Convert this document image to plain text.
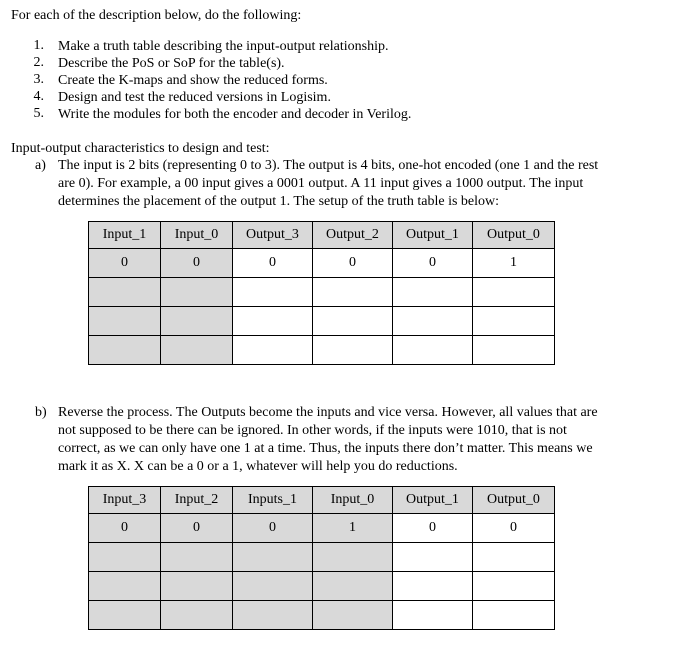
For each of the description below, do the following:
1. Make a truth table describing the input-output relationship.
2. Describe the PoS or SoP for the table(s).
3. Create the K-maps and show the reduced forms.
4. Design and test the reduced versions in Logisim.
5. Write the modules for both the encoder and decoder in Verilog.
Input-output characteristics to design and test:
a) The input is 2 bits (representing 0 to 3). The output is 4 bits, one-hot encoded (one 1 and the rest
are 0). For example, a 00 input gives a 0001 output. A 11 input gives a 1000 output. The input
determines the placement of the output 1. The setup of the truth table is below:
Input_1	Input_0	Output_3	Output_2	Output_1	Output_0
0	0	0	0	0	1

b) Reverse the process. The Outputs become the inputs and vice versa. However, all values that are
not supposed to be there can be ignored. In other words, if the inputs were 1010, that is not
correct, as we can only have one 1 at a time. Thus, the inputs there don’t matter. This means we
mark it as X. X can be a 0 or a 1, whatever will help you do reductions.
Input_3	Input_2	Inputs_1	Input_0	Output_1	Output_0
0	0	0	1	0	0
